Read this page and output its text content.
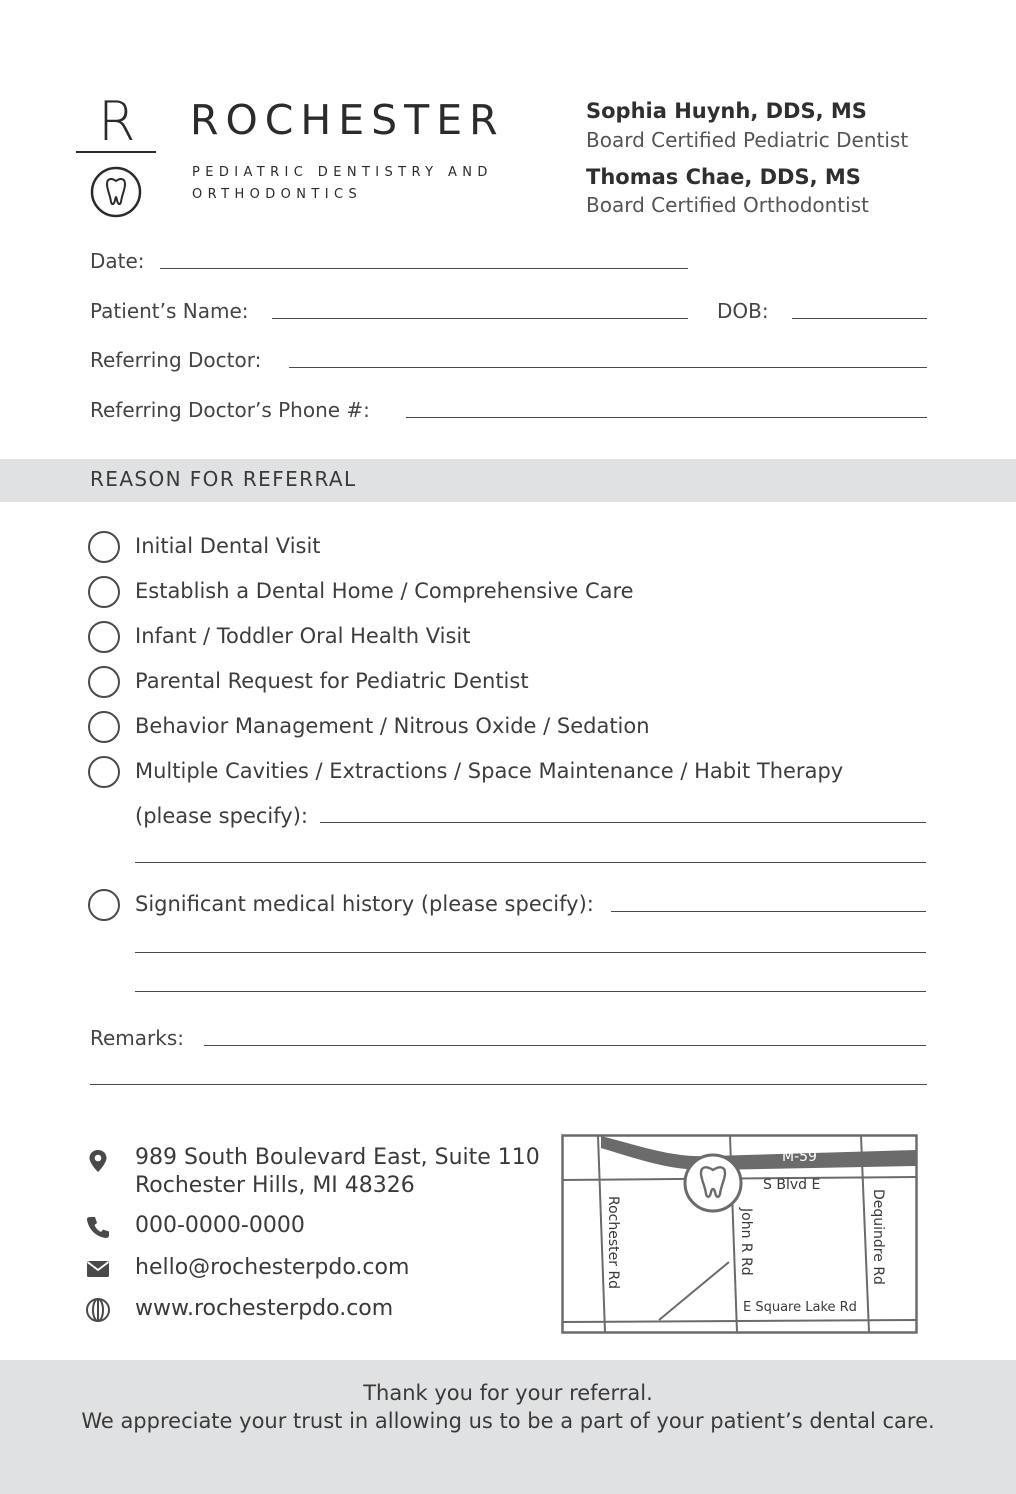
R ROCHESTER
PEDIATRIC DENTISTRY AND ORTHODONTICS
Sophia Huynh, DDS, MS
Board Certified Pediatric Dentist
Thomas Chae, DDS, MS
Board Certified Orthodontist
Date:
Patient’s Name:	DOB:
Referring Doctor:
Referring Doctor’s Phone #:
REASON FOR REFERRAL
Initial Dental Visit
Establish a Dental Home / Comprehensive Care
Infant / Toddler Oral Health Visit
Parental Request for Pediatric Dentist
Behavior Management / Nitrous Oxide / Sedation
Multiple Cavities / Extractions / Space Maintenance / Habit Therapy
(please specify):
Significant medical history (please specify):
Remarks:
989 South Boulevard East, Suite 110
Rochester Hills, MI 48326
000-0000-0000
hello@rochesterpdo.com
www.rochesterpdo.com
M-59
S Blvd E
E Square Lake Rd
Rochester Rd	John R Rd	Dequindre Rd
Thank you for your referral.
We appreciate your trust in allowing us to be a part of your patient’s dental care.
